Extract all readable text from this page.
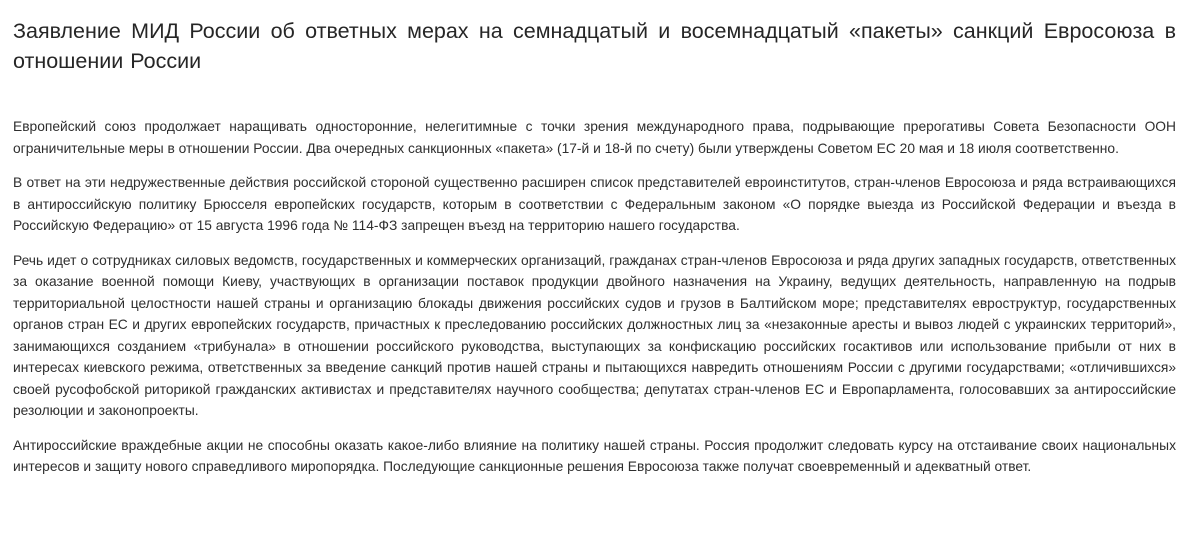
Заявление МИД России об ответных мерах на семнадцатый и восемнадцатый «пакеты» санкций Евросоюза в отношении России

Европейский союз продолжает наращивать односторонние, нелегитимные с точки зрения международного права, подрывающие прерогативы Совета Безопасности ООН ограничительные меры в отношении России. Два очередных санкционных «пакета» (17-й и 18-й по счету) были утверждены Советом ЕС 20 мая и 18 июля соответственно.

В ответ на эти недружественные действия российской стороной существенно расширен список представителей евроинститутов, стран-членов Евросоюза и ряда встраивающихся в антироссийскую политику Брюсселя европейских государств, которым в соответствии с Федеральным законом «О порядке выезда из Российской Федерации и въезда в Российскую Федерацию» от 15 августа 1996 года № 114-ФЗ запрещен въезд на территорию нашего государства.

Речь идет о сотрудниках силовых ведомств, государственных и коммерческих организаций, гражданах стран-членов Евросоюза и ряда других западных государств, ответственных за оказание военной помощи Киеву, участвующих в организации поставок продукции двойного назначения на Украину, ведущих деятельность, направленную на подрыв территориальной целостности нашей страны и организацию блокады движения российских судов и грузов в Балтийском море; представителях евроструктур, государственных органов стран ЕС и других европейских государств, причастных к преследованию российских должностных лиц за «незаконные аресты и вывоз людей с украинских территорий», занимающихся созданием «трибунала» в отношении российского руководства, выступающих за конфискацию российских госактивов или использование прибыли от них в интересах киевского режима, ответственных за введение санкций против нашей страны и пытающихся навредить отношениям России с другими государствами; «отличившихся» своей русофобской риторикой гражданских активистах и представителях научного сообщества; депутатах стран-членов ЕС и Европарламента, голосовавших за антироссийские резолюции и законопроекты.

Антироссийские враждебные акции не способны оказать какое-либо влияние на политику нашей страны. Россия продолжит следовать курсу на отстаивание своих национальных интересов и защиту нового справедливого миропорядка. Последующие санкционные решения Евросоюза также получат своевременный и адекватный ответ.
